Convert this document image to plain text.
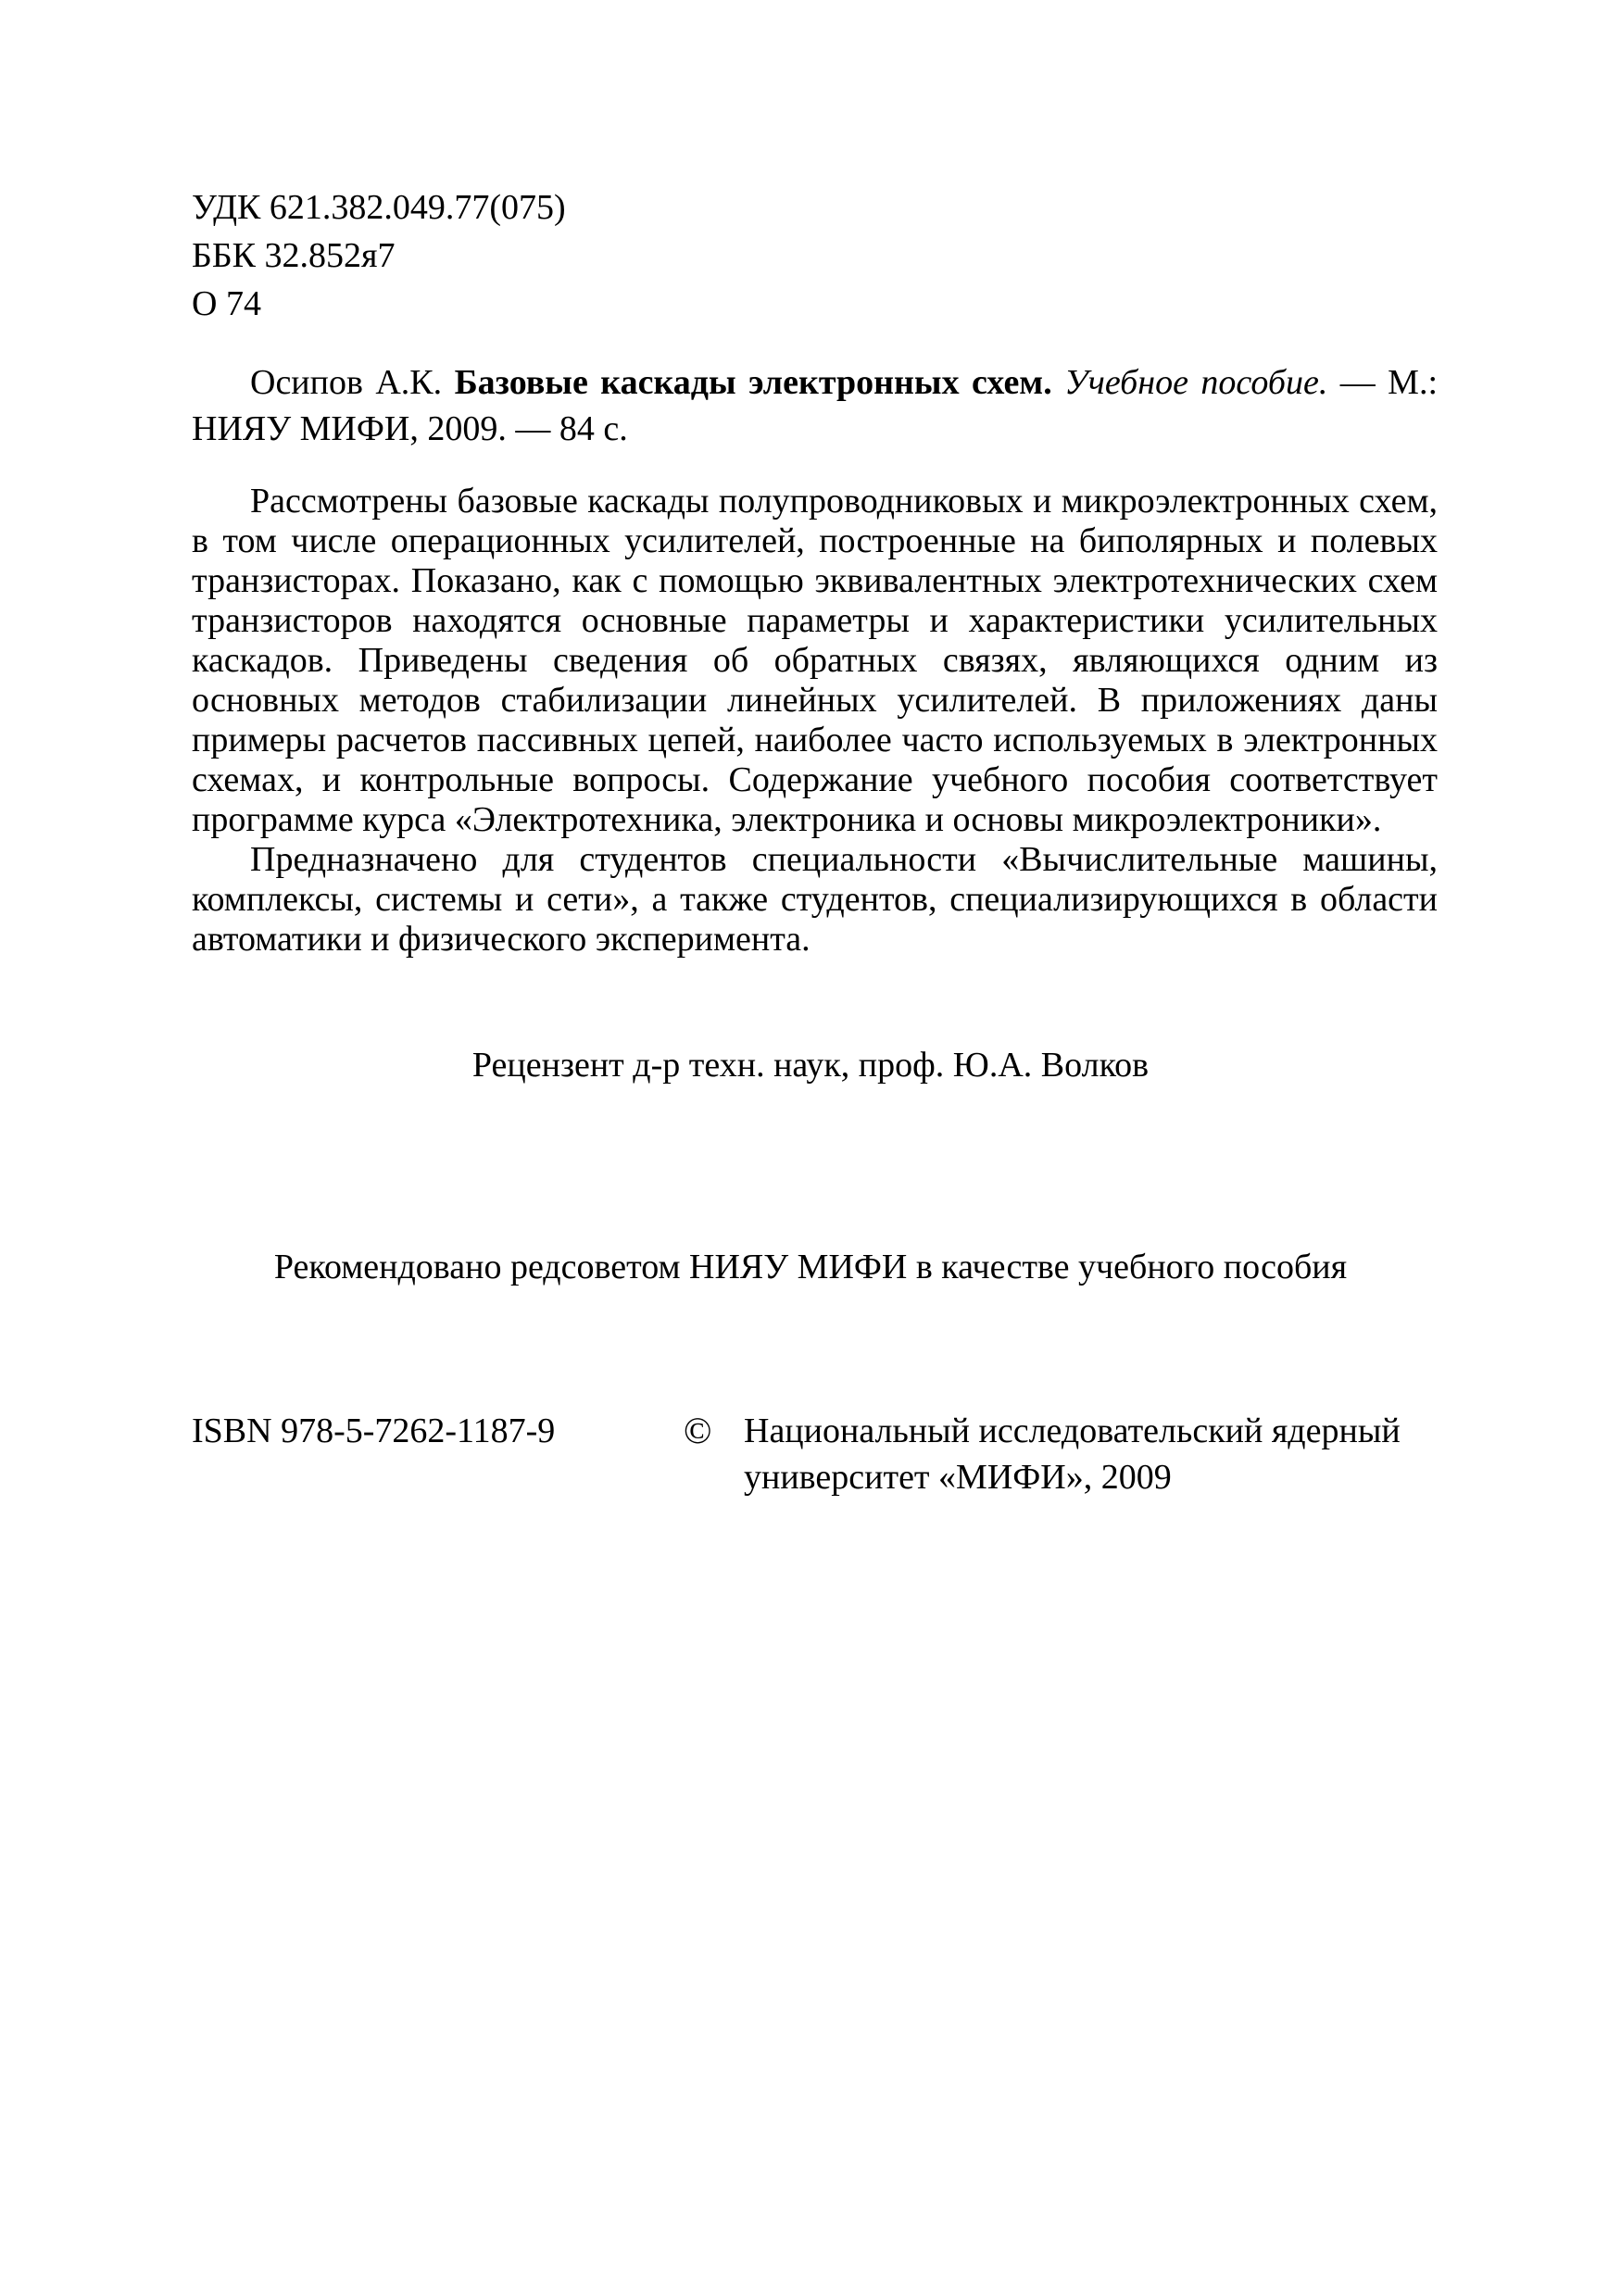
УДК 621.382.049.77(075)
ББК 32.852я7
О 74
Осипов А.К. Базовые каскады электронных схем. Учебное пособие. — М.: НИЯУ МИФИ, 2009. — 84 с.

Рассмотрены базовые каскады полупроводниковых и микроэлектронных схем, в том числе операционных усилителей, построенные на биполярных и полевых транзисторах. Показано, как с помощью эквивалентных электротехнических схем транзисторов находятся основные параметры и характеристики усилительных каскадов. Приведены сведения об обратных связях, являющихся одним из основных методов стабилизации линейных усилителей. В приложениях даны примеры расчетов пассивных цепей, наиболее часто используемых в электронных схемах, и контрольные вопросы. Содержание учебного пособия соответствует программе курса «Электротехника, электроника и основы микроэлектроники».

Предназначено для студентов специальности «Вычислительные машины, комплексы, системы и сети», а также студентов, специализирующихся в области автоматики и физического эксперимента.

Рецензент д-р техн. наук, проф. Ю.А. Волков
Рекомендовано редсоветом НИЯУ МИФИ в качестве учебного пособия
ISBN 978-5-7262-1187-9	© Национальный исследовательский ядерный
университет «МИФИ», 2009
